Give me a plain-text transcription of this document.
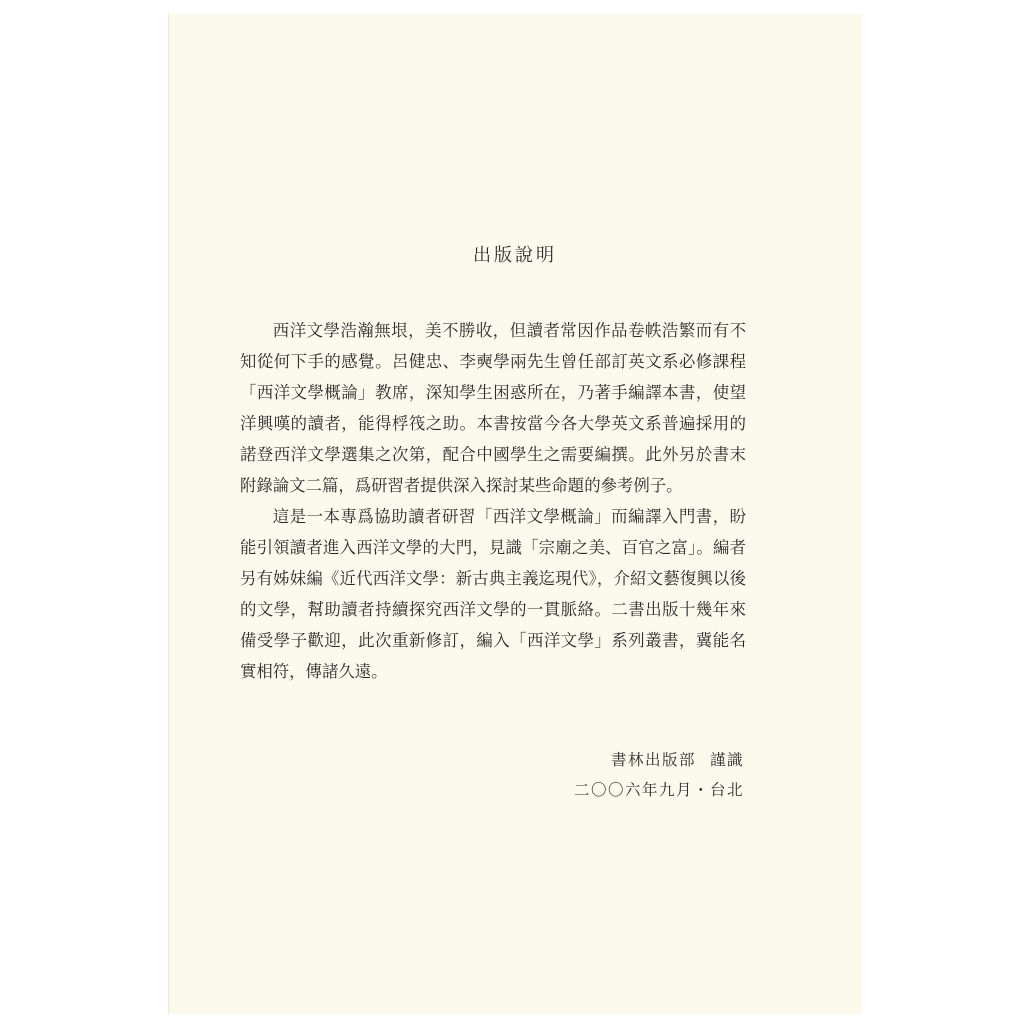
出版說明

西洋文學浩瀚無垠，美不勝收，但讀者常因作品卷帙浩繁而有不知從何下手的感覺。呂健忠、李奭學兩先生曾任部訂英文系必修課程「西洋文學概論」教席，深知學生困惑所在，乃著手編譯本書，使望洋興嘆的讀者，能得桴筏之助。本書按當今各大學英文系普遍採用的諾登西洋文學選集之次第，配合中國學生之需要編撰。此外另於書末附錄論文二篇，爲研習者提供深入探討某些命題的參考例子。

這是一本專爲協助讀者研習「西洋文學概論」而編譯入門書，盼能引領讀者進入西洋文學的大門，見識「宗廟之美、百官之富」。編者另有姊妹編《近代西洋文學：新古典主義迄現代》，介紹文藝復興以後的文學，幫助讀者持續探究西洋文學的一貫脈絡。二書出版十幾年來備受學子歡迎，此次重新修訂，編入「西洋文學」系列叢書，冀能名實相符，傳諸久遠。

書林出版部 謹識
二〇〇六年九月・台北
